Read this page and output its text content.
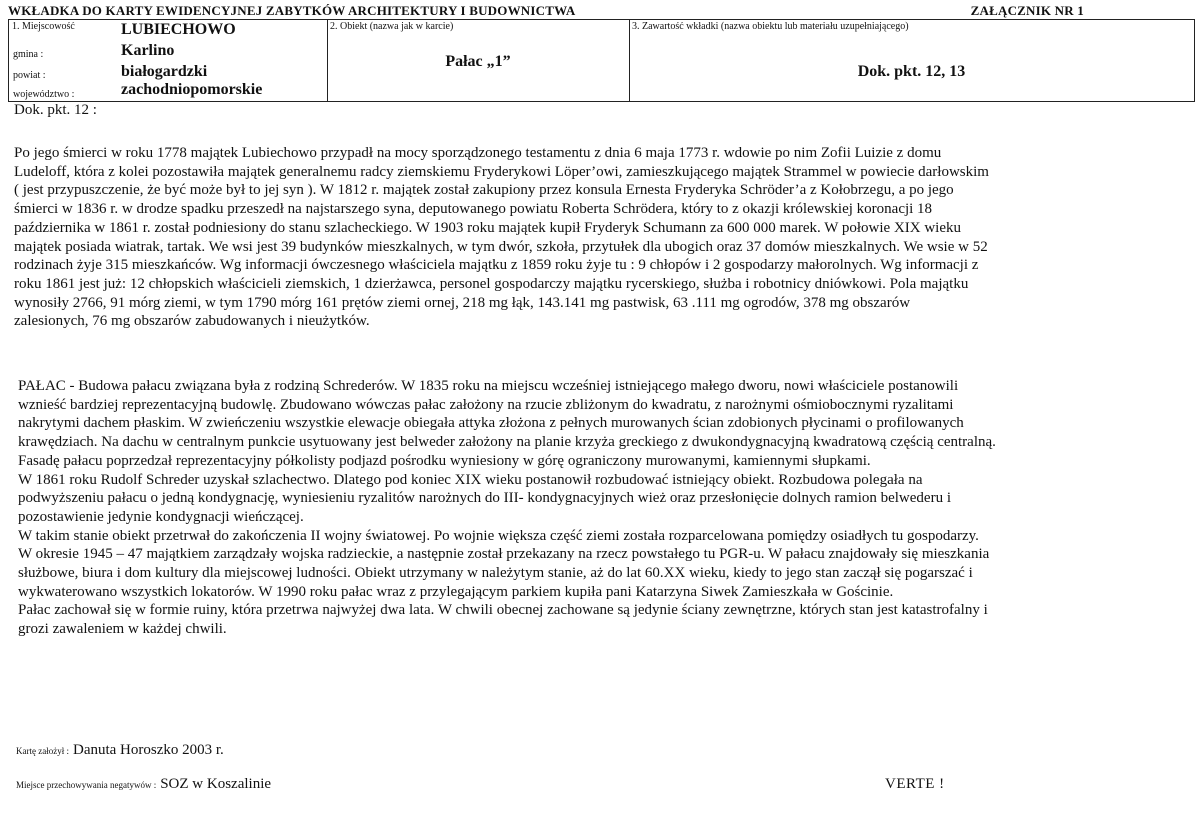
WKŁADKA DO KARTY EWIDENCYJNEJ ZABYTKÓW ARCHITEKTURY I BUDOWNICTWA	ZAŁĄCZNIK NR 1
1. Miejscowość	LUBIECHOWO
gmina :	Karlino
powiat :	białogardzki
województwo :	zachodniopomorskie
2. Obiekt (nazwa jak w karcie)
Pałac „1”
3. Zawartość wkładki (nazwa obiektu lub materiału uzupełniającego)
Dok. pkt. 12, 13
Dok. pkt. 12 :
Po jego śmierci w roku 1778 majątek Lubiechowo przypadł na mocy sporządzonego testamentu z dnia 6 maja 1773 r. wdowie po nim Zofii Luizie z domu
Ludeloff, która z kolei pozostawiła majątek generalnemu radcy ziemskiemu Fryderykowi Löper’owi, zamieszkującego majątek Strammel w powiecie darłowskim
( jest przypuszczenie, że być może był to jej syn ). W 1812 r. majątek został zakupiony przez konsula Ernesta Fryderyka Schröder’a z Kołobrzegu, a po jego
śmierci w 1836 r. w drodze spadku przeszedł na najstarszego syna, deputowanego powiatu Roberta Schrödera, który to z okazji królewskiej koronacji 18
października w 1861 r. został podniesiony do stanu szlacheckiego. W 1903 roku majątek kupił Fryderyk Schumann za 600 000 marek. W połowie XIX wieku
majątek posiada wiatrak, tartak. We wsi jest 39 budynków mieszkalnych, w tym dwór, szkoła, przytułek dla ubogich oraz 37 domów mieszkalnych. We wsie w 52
rodzinach żyje 315 mieszkańców. Wg informacji ówczesnego właściciela majątku z 1859 roku żyje tu : 9 chłopów i 2 gospodarzy małorolnych. Wg informacji z
roku 1861 jest już: 12 chłopskich właścicieli ziemskich, 1 dzierżawca, personel gospodarczy majątku rycerskiego, służba i robotnicy dniówkowi. Pola majątku
wynosiły 2766, 91 mórg ziemi, w tym 1790 mórg 161 prętów ziemi ornej, 218 mg łąk, 143.141 mg pastwisk, 63 .111 mg ogrodów, 378 mg obszarów
zalesionych, 76 mg obszarów zabudowanych i nieużytków.
PAŁAC - Budowa pałacu związana była z rodziną Schrederów. W 1835 roku na miejscu wcześniej istniejącego małego dworu, nowi właściciele postanowili
wznieść bardziej reprezentacyjną budowlę. Zbudowano wówczas pałac założony na rzucie zbliżonym do kwadratu, z narożnymi ośmiobocznymi ryzalitami
nakrytymi dachem płaskim. W zwieńczeniu wszystkie elewacje obiegała attyka złożona z pełnych murowanych ścian zdobionych płycinami o profilowanych
krawędziach. Na dachu w centralnym punkcie usytuowany jest belweder założony na planie krzyża greckiego z dwukondygnacyjną kwadratową częścią centralną.
Fasadę pałacu poprzedzał reprezentacyjny półkolisty podjazd pośrodku wyniesiony w górę ograniczony murowanymi, kamiennymi słupkami.
W 1861 roku Rudolf Schreder uzyskał szlachectwo. Dlatego pod koniec XIX wieku postanowił rozbudować istniejący obiekt. Rozbudowa polegała na
podwyższeniu pałacu o jedną kondygnację, wyniesieniu ryzalitów narożnych do III- kondygnacyjnych wież oraz przesłonięcie dolnych ramion belwederu i
pozostawienie jedynie kondygnacji wieńczącej.
W takim stanie obiekt przetrwał do zakończenia II wojny światowej. Po wojnie większa część ziemi została rozparcelowana pomiędzy osiadłych tu gospodarzy.
W okresie 1945 – 47 majątkiem zarządzały wojska radzieckie, a następnie został przekazany na rzecz powstałego tu PGR-u. W pałacu znajdowały się mieszkania
służbowe, biura i dom kultury dla miejscowej ludności. Obiekt utrzymany w należytym stanie, aż do lat 60.XX wieku, kiedy to jego stan zaczął się pogarszać i
wykwaterowano wszystkich lokatorów. W 1990 roku pałac wraz z przylegającym parkiem kupiła pani Katarzyna Siwek Zamieszkała w Gościnie.
Pałac zachował się w formie ruiny, która przetrwa najwyżej dwa lata. W chwili obecnej zachowane są jedynie ściany zewnętrzne, których stan jest katastrofalny i
grozi zawaleniem w każdej chwili.
Kartę założył : Danuta Horoszko 2003 r.
Miejsce przechowywania negatywów : SOZ w Koszalinie	VERTE !
